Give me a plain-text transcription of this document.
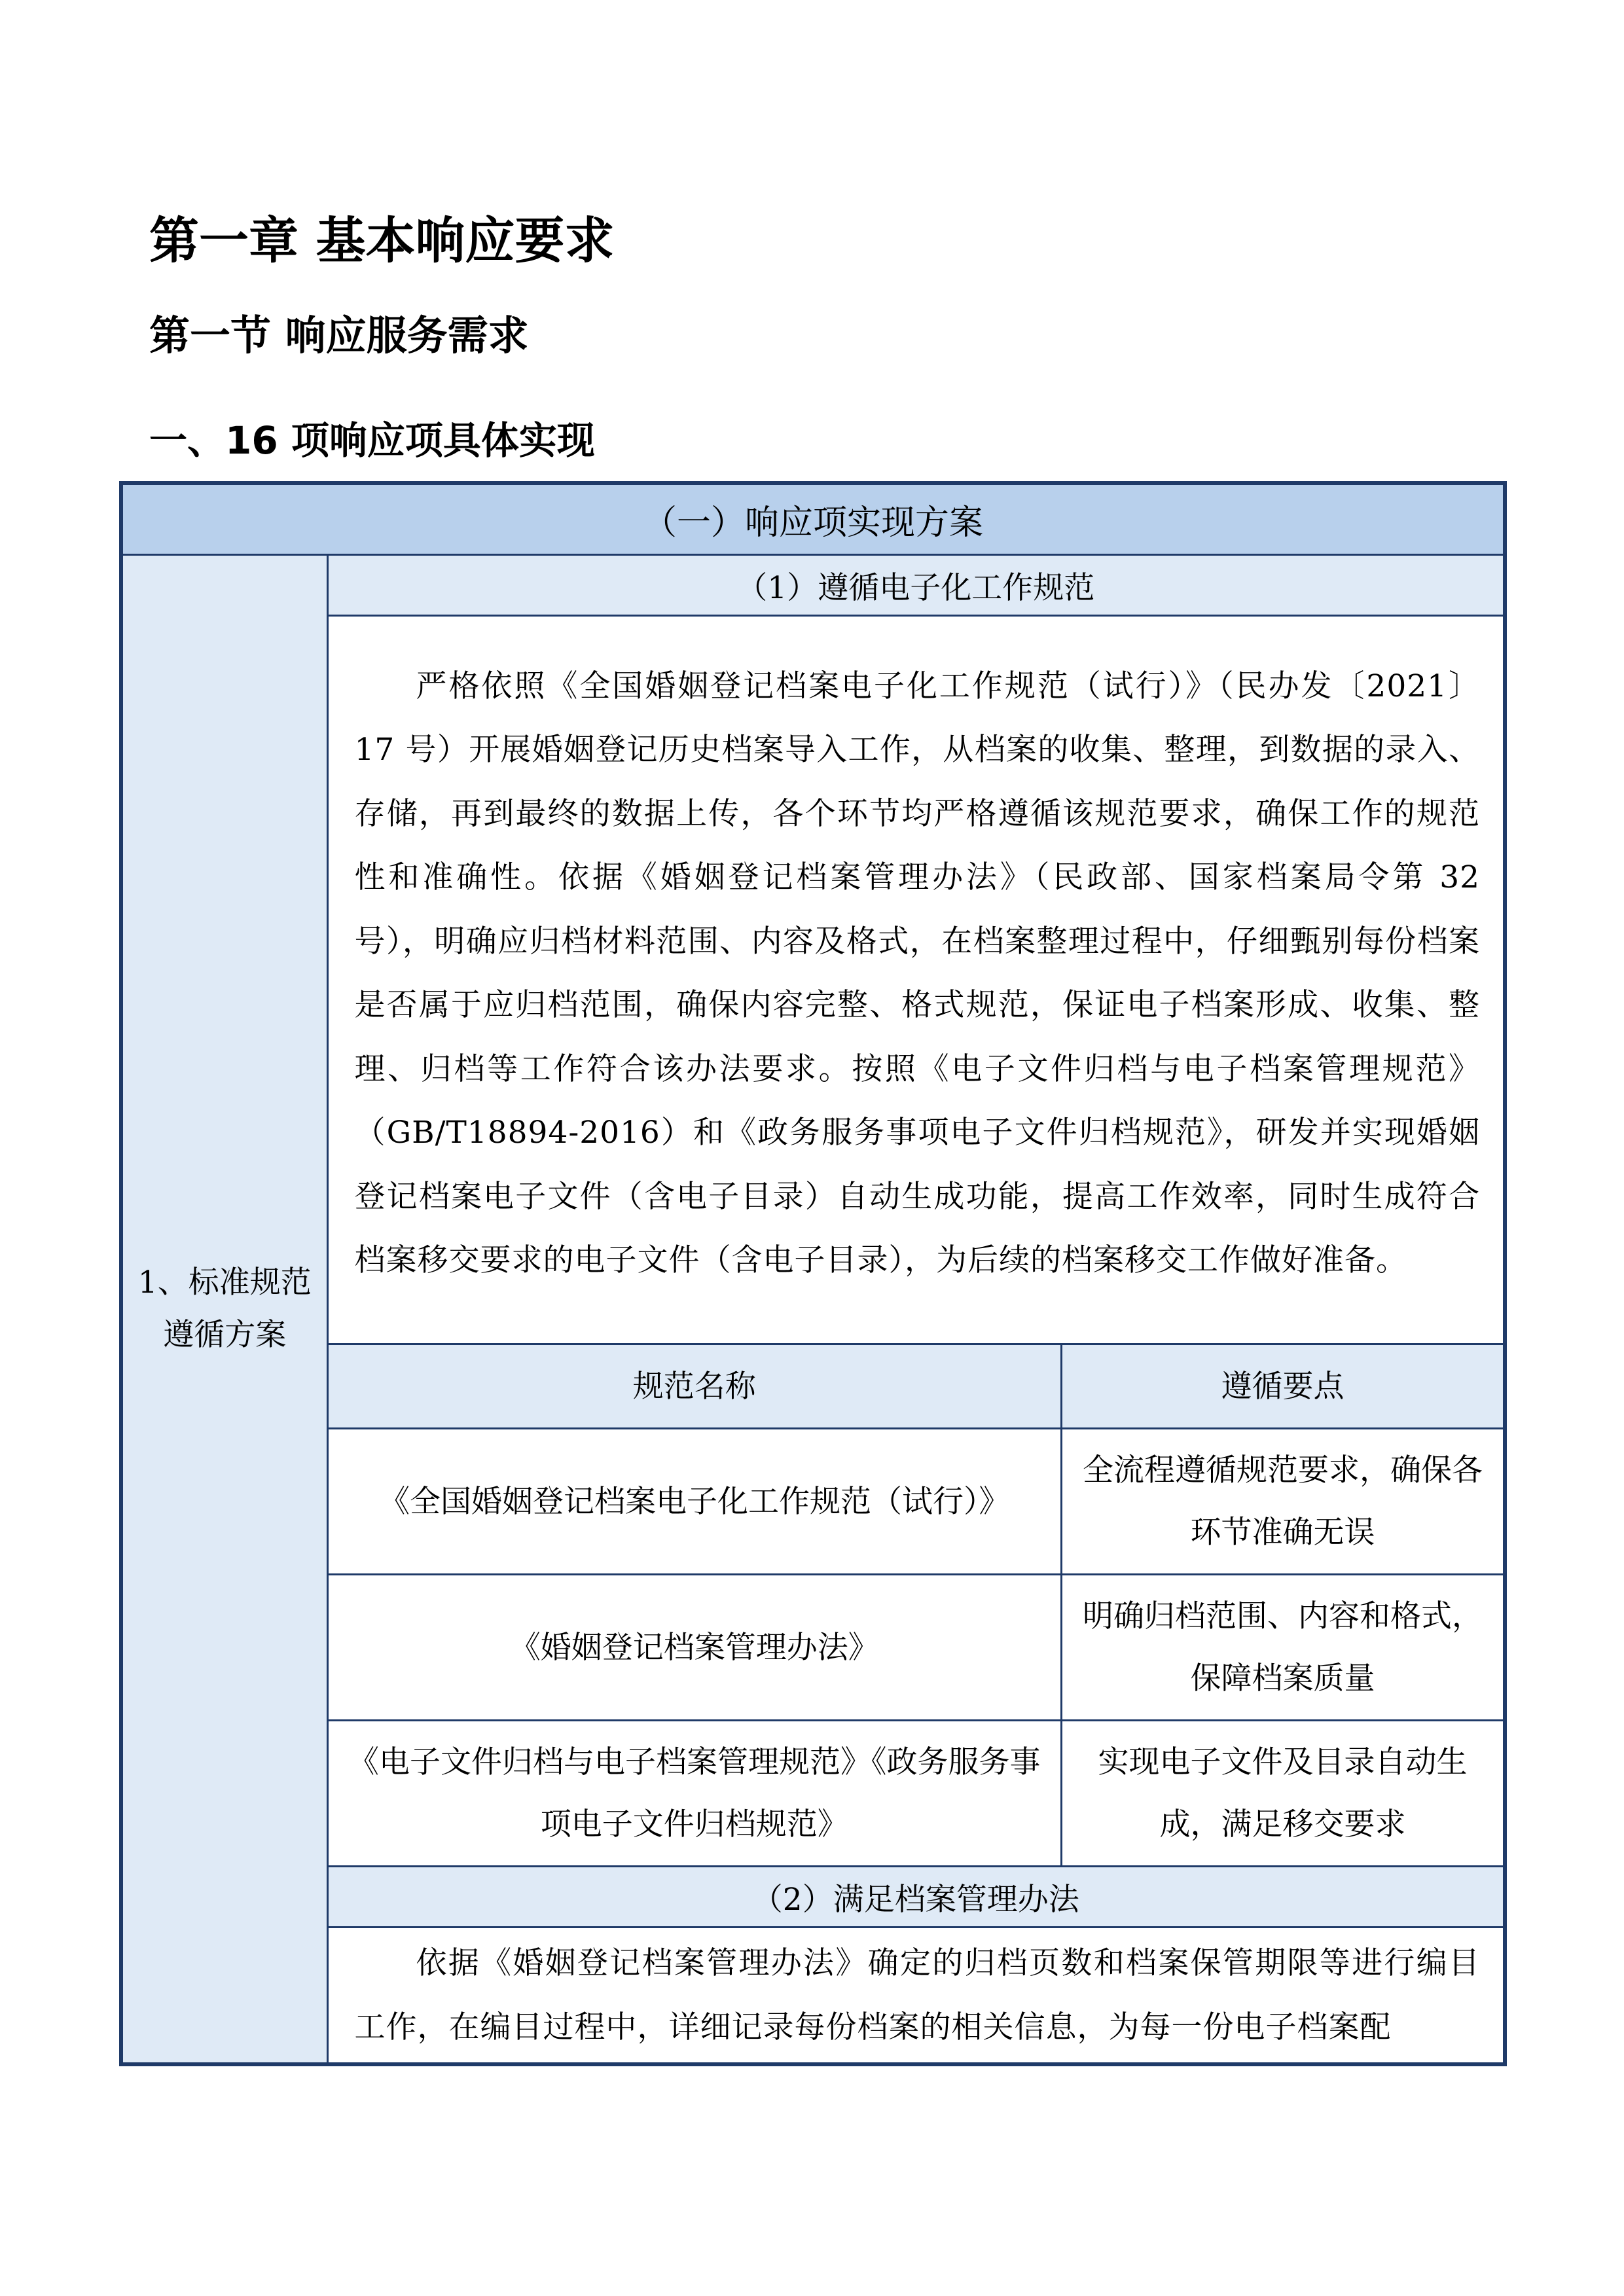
第一章 基本响应要求
第一节 响应服务需求
一、16 项响应项具体实现
（一）响应项实现方案
1、标准规范遵循方案	（1）遵循电子化工作规范
严格依照《全国婚姻登记档案电子化工作规范（试行）》（民办发〔2021〕17 号）开展婚姻登记历史档案导入工作，从档案的收集、整理，到数据的录入、存储，再到最终的数据上传，各个环节均严格遵循该规范要求，确保工作的规范性和准确性。依据《婚姻登记档案管理办法》（民政部、国家档案局令第 32 号），明确应归档材料范围、内容及格式，在档案整理过程中，仔细甄别每份档案是否属于应归档范围，确保内容完整、格式规范，保证电子档案形成、收集、整理、归档等工作符合该办法要求。按照《电子文件归档与电子档案管理规范》（GB/T18894-2016）和《政务服务事项电子文件归档规范》，研发并实现婚姻登记档案电子文件（含电子目录）自动生成功能，提高工作效率，同时生成符合档案移交要求的电子文件（含电子目录），为后续的档案移交工作做好准备。

规范名称	遵循要点
《全国婚姻登记档案电子化工作规范（试行）》	全流程遵循规范要求，确保各环节准确无误
《婚姻登记档案管理办法》	明确归档范围、内容和格式，保障档案质量
《电子文件归档与电子档案管理规范》《政务服务事项电子文件归档规范》	实现电子文件及目录自动生成，满足移交要求

（2）满足档案管理办法
依据《婚姻登记档案管理办法》确定的归档页数和档案保管期限等进行编目工作，在编目过程中，详细记录每份档案的相关信息，为每一份电子档案配
